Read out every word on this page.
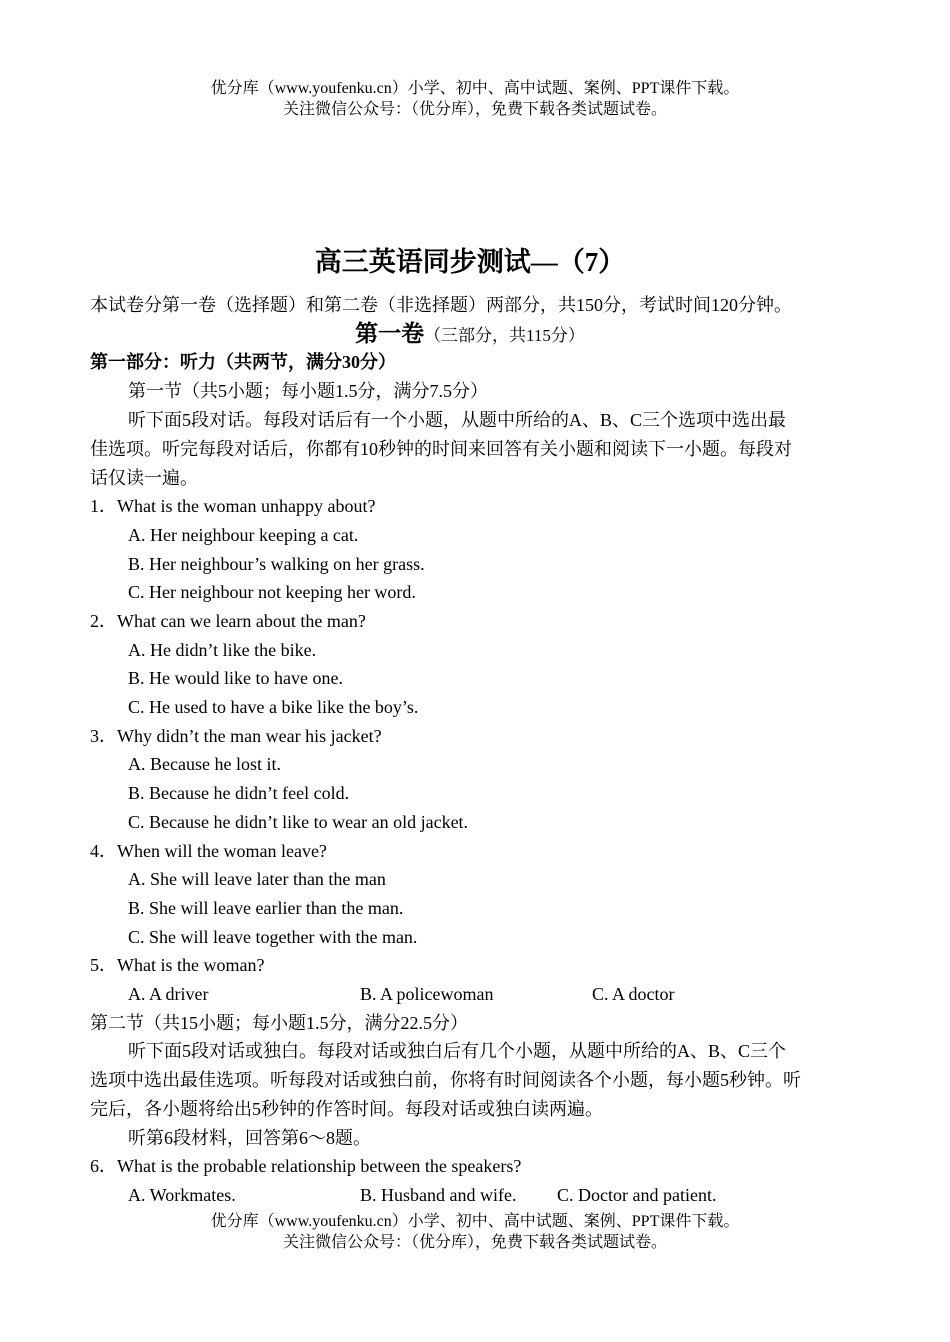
优分库（www.youfenku.cn）小学、初中、高中试题、案例、PPT课件下载。
关注微信公众号：（优分库），免费下载各类试题试卷。
高三英语同步测试—（7）
本试卷分第一卷（选择题）和第二卷（非选择题）两部分，共150分，考试时间120分钟。
第一卷（三部分，共115分）
第一部分：听力（共两节，满分30分）
第一节（共5小题；每小题1.5分，满分7.5分）
听下面5段对话。每段对话后有一个小题，从题中所给的A、B、C三个选项中选出最
佳选项。听完每段对话后，你都有10秒钟的时间来回答有关小题和阅读下一小题。每段对
话仅读一遍。
1．What is the woman unhappy about?
A. Her neighbour keeping a cat.
B. Her neighbour’s walking on her grass.
C. Her neighbour not keeping her word.
2．What can we learn about the man?
A. He didn’t like the bike.
B. He would like to have one.
C. He used to have a bike like the boy’s.
3．Why didn’t the man wear his jacket?
A. Because he lost it.
B. Because he didn’t feel cold.
C. Because he didn’t like to wear an old jacket.
4．When will the woman leave?
A. She will leave later than the man
B. She will leave earlier than the man.
C. She will leave together with the man.
5．What is the woman?
A. A driver	B. A policewoman	C. A doctor
第二节（共15小题；每小题1.5分，满分22.5分）
听下面5段对话或独白。每段对话或独白后有几个小题，从题中所给的A、B、C三个
选项中选出最佳选项。听每段对话或独白前，你将有时间阅读各个小题，每小题5秒钟。听
完后，各小题将给出5秒钟的作答时间。每段对话或独白读两遍。
听第6段材料，回答第6～8题。
6．What is the probable relationship between the speakers?
A. Workmates.	B. Husband and wife. C. Doctor and patient.
优分库（www.youfenku.cn）小学、初中、高中试题、案例、PPT课件下载。
关注微信公众号：（优分库），免费下载各类试题试卷。
